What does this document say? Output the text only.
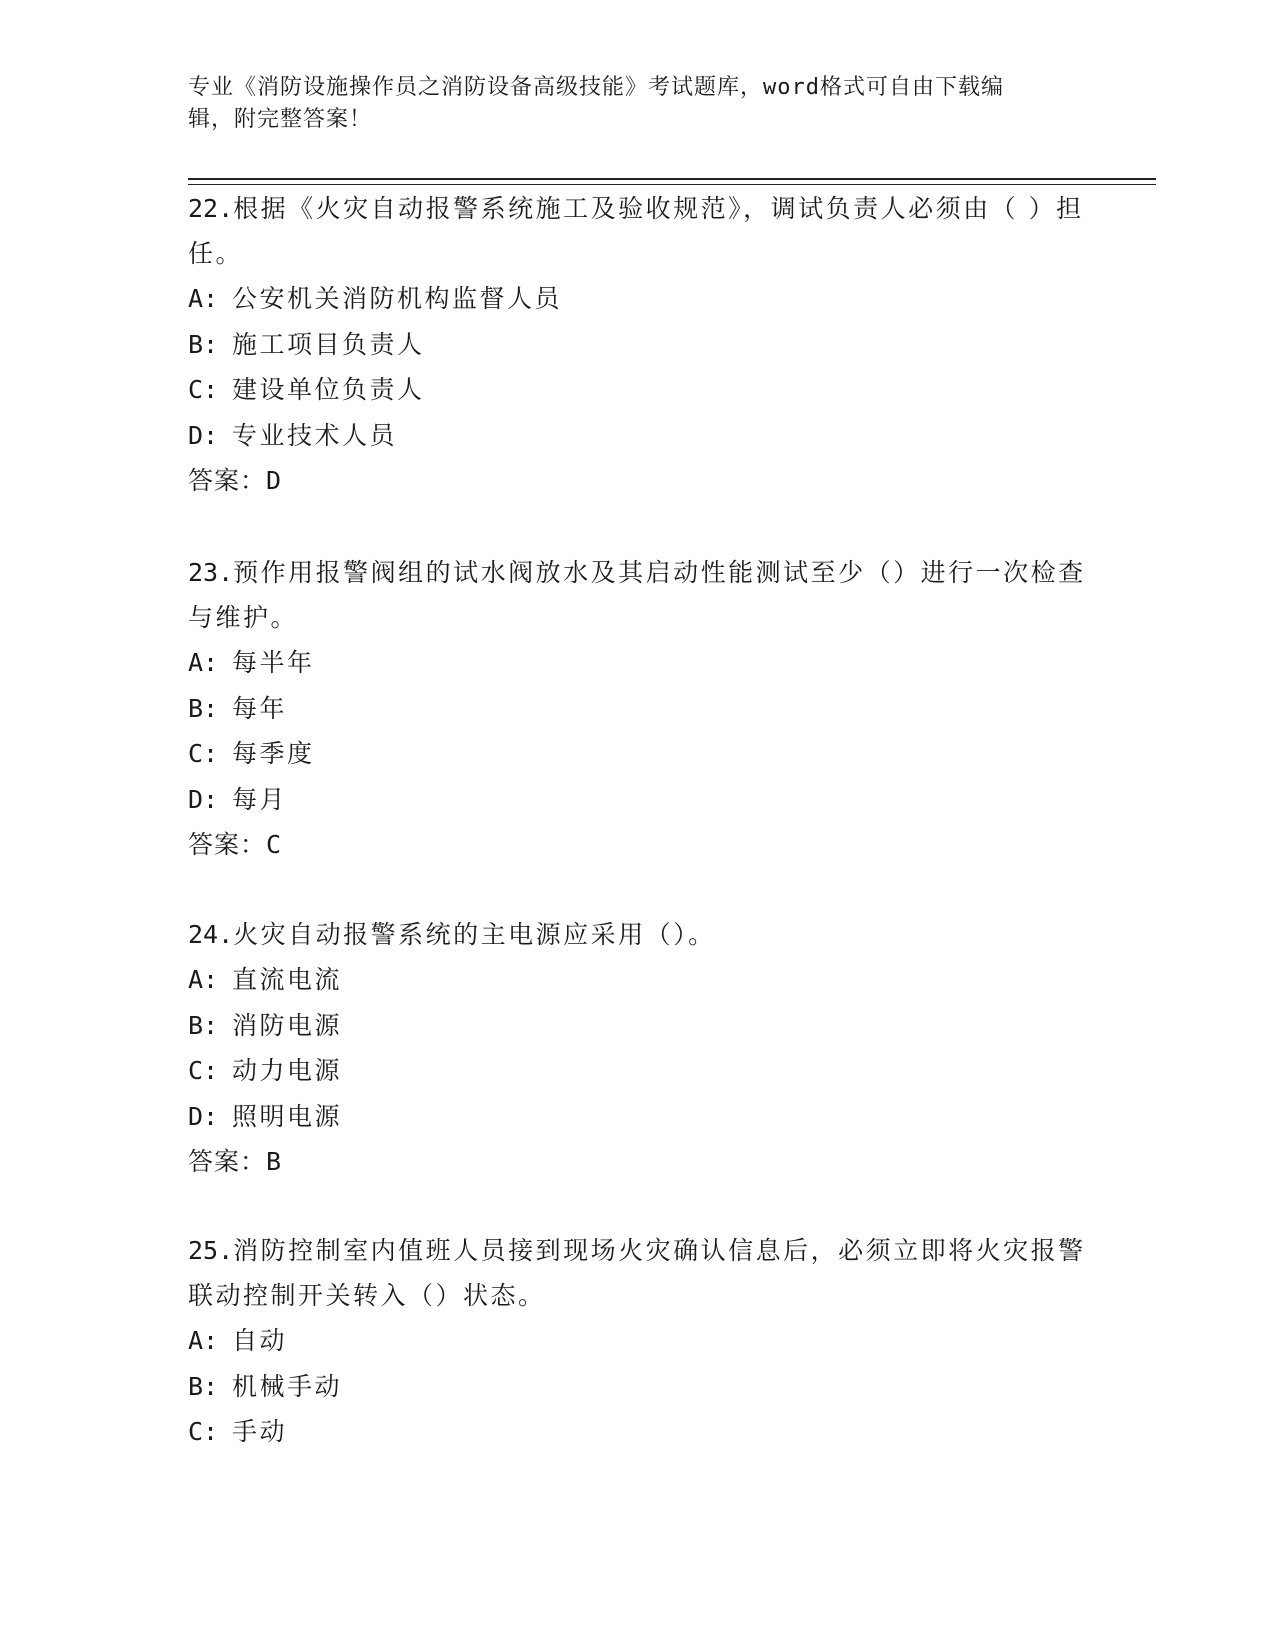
专业《消防设施操作员之消防设备高级技能》考试题库，word格式可自由下载编
辑，附完整答案！
22.根据《火灾自动报警系统施工及验收规范》，调试负责人必须由（ ）担任。
A: 公安机关消防机构监督人员
B: 施工项目负责人
C: 建设单位负责人
D: 专业技术人员
答案：D
23.预作用报警阀组的试水阀放水及其启动性能测试至少（）进行一次检查与维护。
A: 每半年
B: 每年
C: 每季度
D: 每月
答案：C
24.火灾自动报警系统的主电源应采用（）。
A: 直流电流
B: 消防电源
C: 动力电源
D: 照明电源
答案：B
25.消防控制室内值班人员接到现场火灾确认信息后，必须立即将火灾报警联动控制开关转入（）状态。
A: 自动
B: 机械手动
C: 手动
